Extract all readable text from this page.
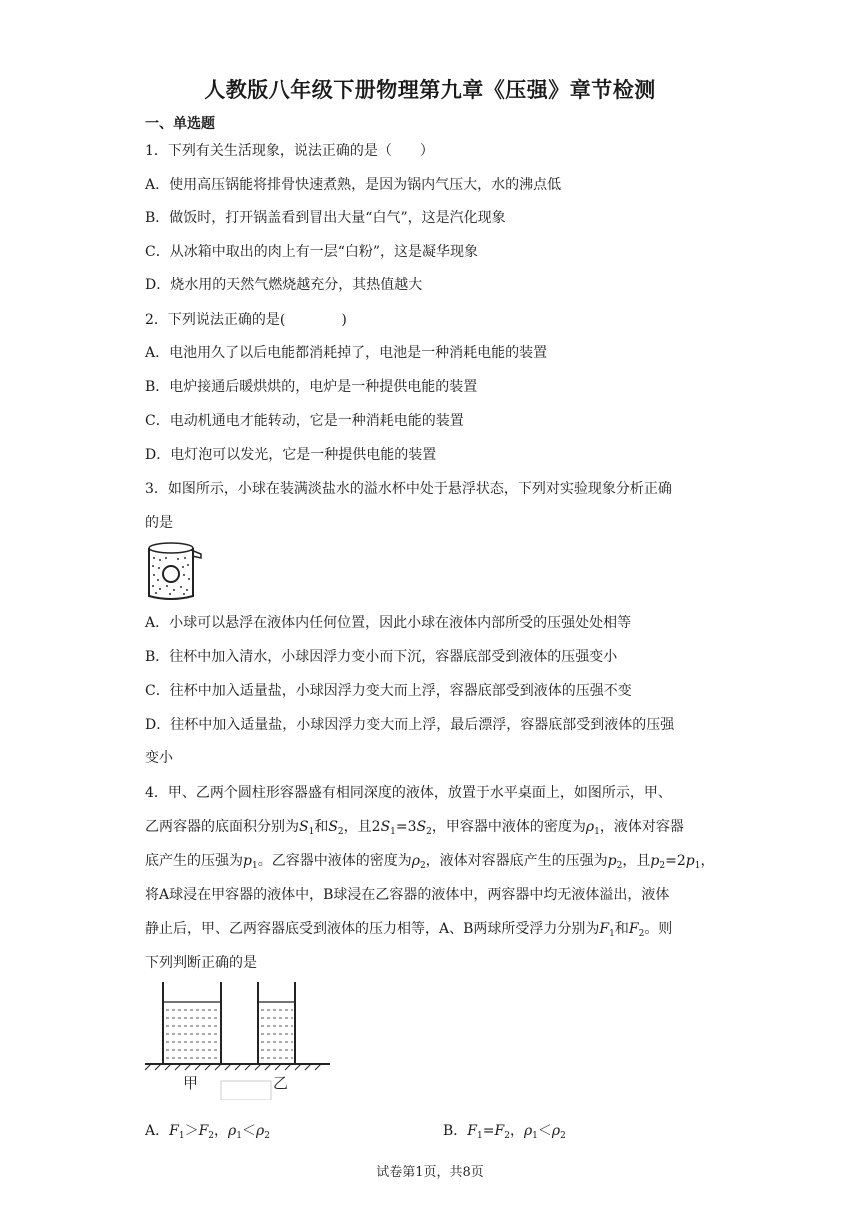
人教版八年级下册物理第九章《压强》章节检测
一、单选题
1．下列有关生活现象，说法正确的是（　　）
A．使用高压锅能将排骨快速煮熟，是因为锅内气压大，水的沸点低
B．做饭时，打开锅盖看到冒出大量“白气”，这是汽化现象
C．从冰箱中取出的肉上有一层“白粉”，这是凝华现象
D．烧水用的天然气燃烧越充分，其热值越大
2．下列说法正确的是(　　　　)
A．电池用久了以后电能都消耗掉了，电池是一种消耗电能的装置
B．电炉接通后暖烘烘的，电炉是一种提供电能的装置
C．电动机通电才能转动，它是一种消耗电能的装置
D．电灯泡可以发光，它是一种提供电能的装置
3．如图所示，小球在装满淡盐水的溢水杯中处于悬浮状态，下列对实验现象分析正确
的是
A．小球可以悬浮在液体内任何位置，因此小球在液体内部所受的压强处处相等
B．往杯中加入清水，小球因浮力变小而下沉，容器底部受到液体的压强变小
C．往杯中加入适量盐，小球因浮力变大而上浮，容器底部受到液体的压强不变
D．往杯中加入适量盐，小球因浮力变大而上浮，最后漂浮，容器底部受到液体的压强
变小
4．甲、乙两个圆柱形容器盛有相同深度的液体，放置于水平桌面上，如图所示，甲、
乙两容器的底面积分别为$S_1$和$S_2$，且$2S_1=3S_2$，甲容器中液体的密度为$\rho_1$，液体对容器
底产生的压强为$p_1$。乙容器中液体的密度为$\rho_2$，液体对容器底产生的压强为$p_2$，且$p_2=2p_1$，
将A球浸在甲容器的液体中，B球浸在乙容器的液体中，两容器中均无液体溢出，液体
静止后，甲、乙两容器底受到液体的压力相等，A、B两球所受浮力分别为$F_1$和$F_2$。则
下列判断正确的是
甲	乙
A．$F_1>F_2$，$\rho_1<\rho_2$	B．$F_1=F_2$，$\rho_1<\rho_2$
试卷第1页，共8页
